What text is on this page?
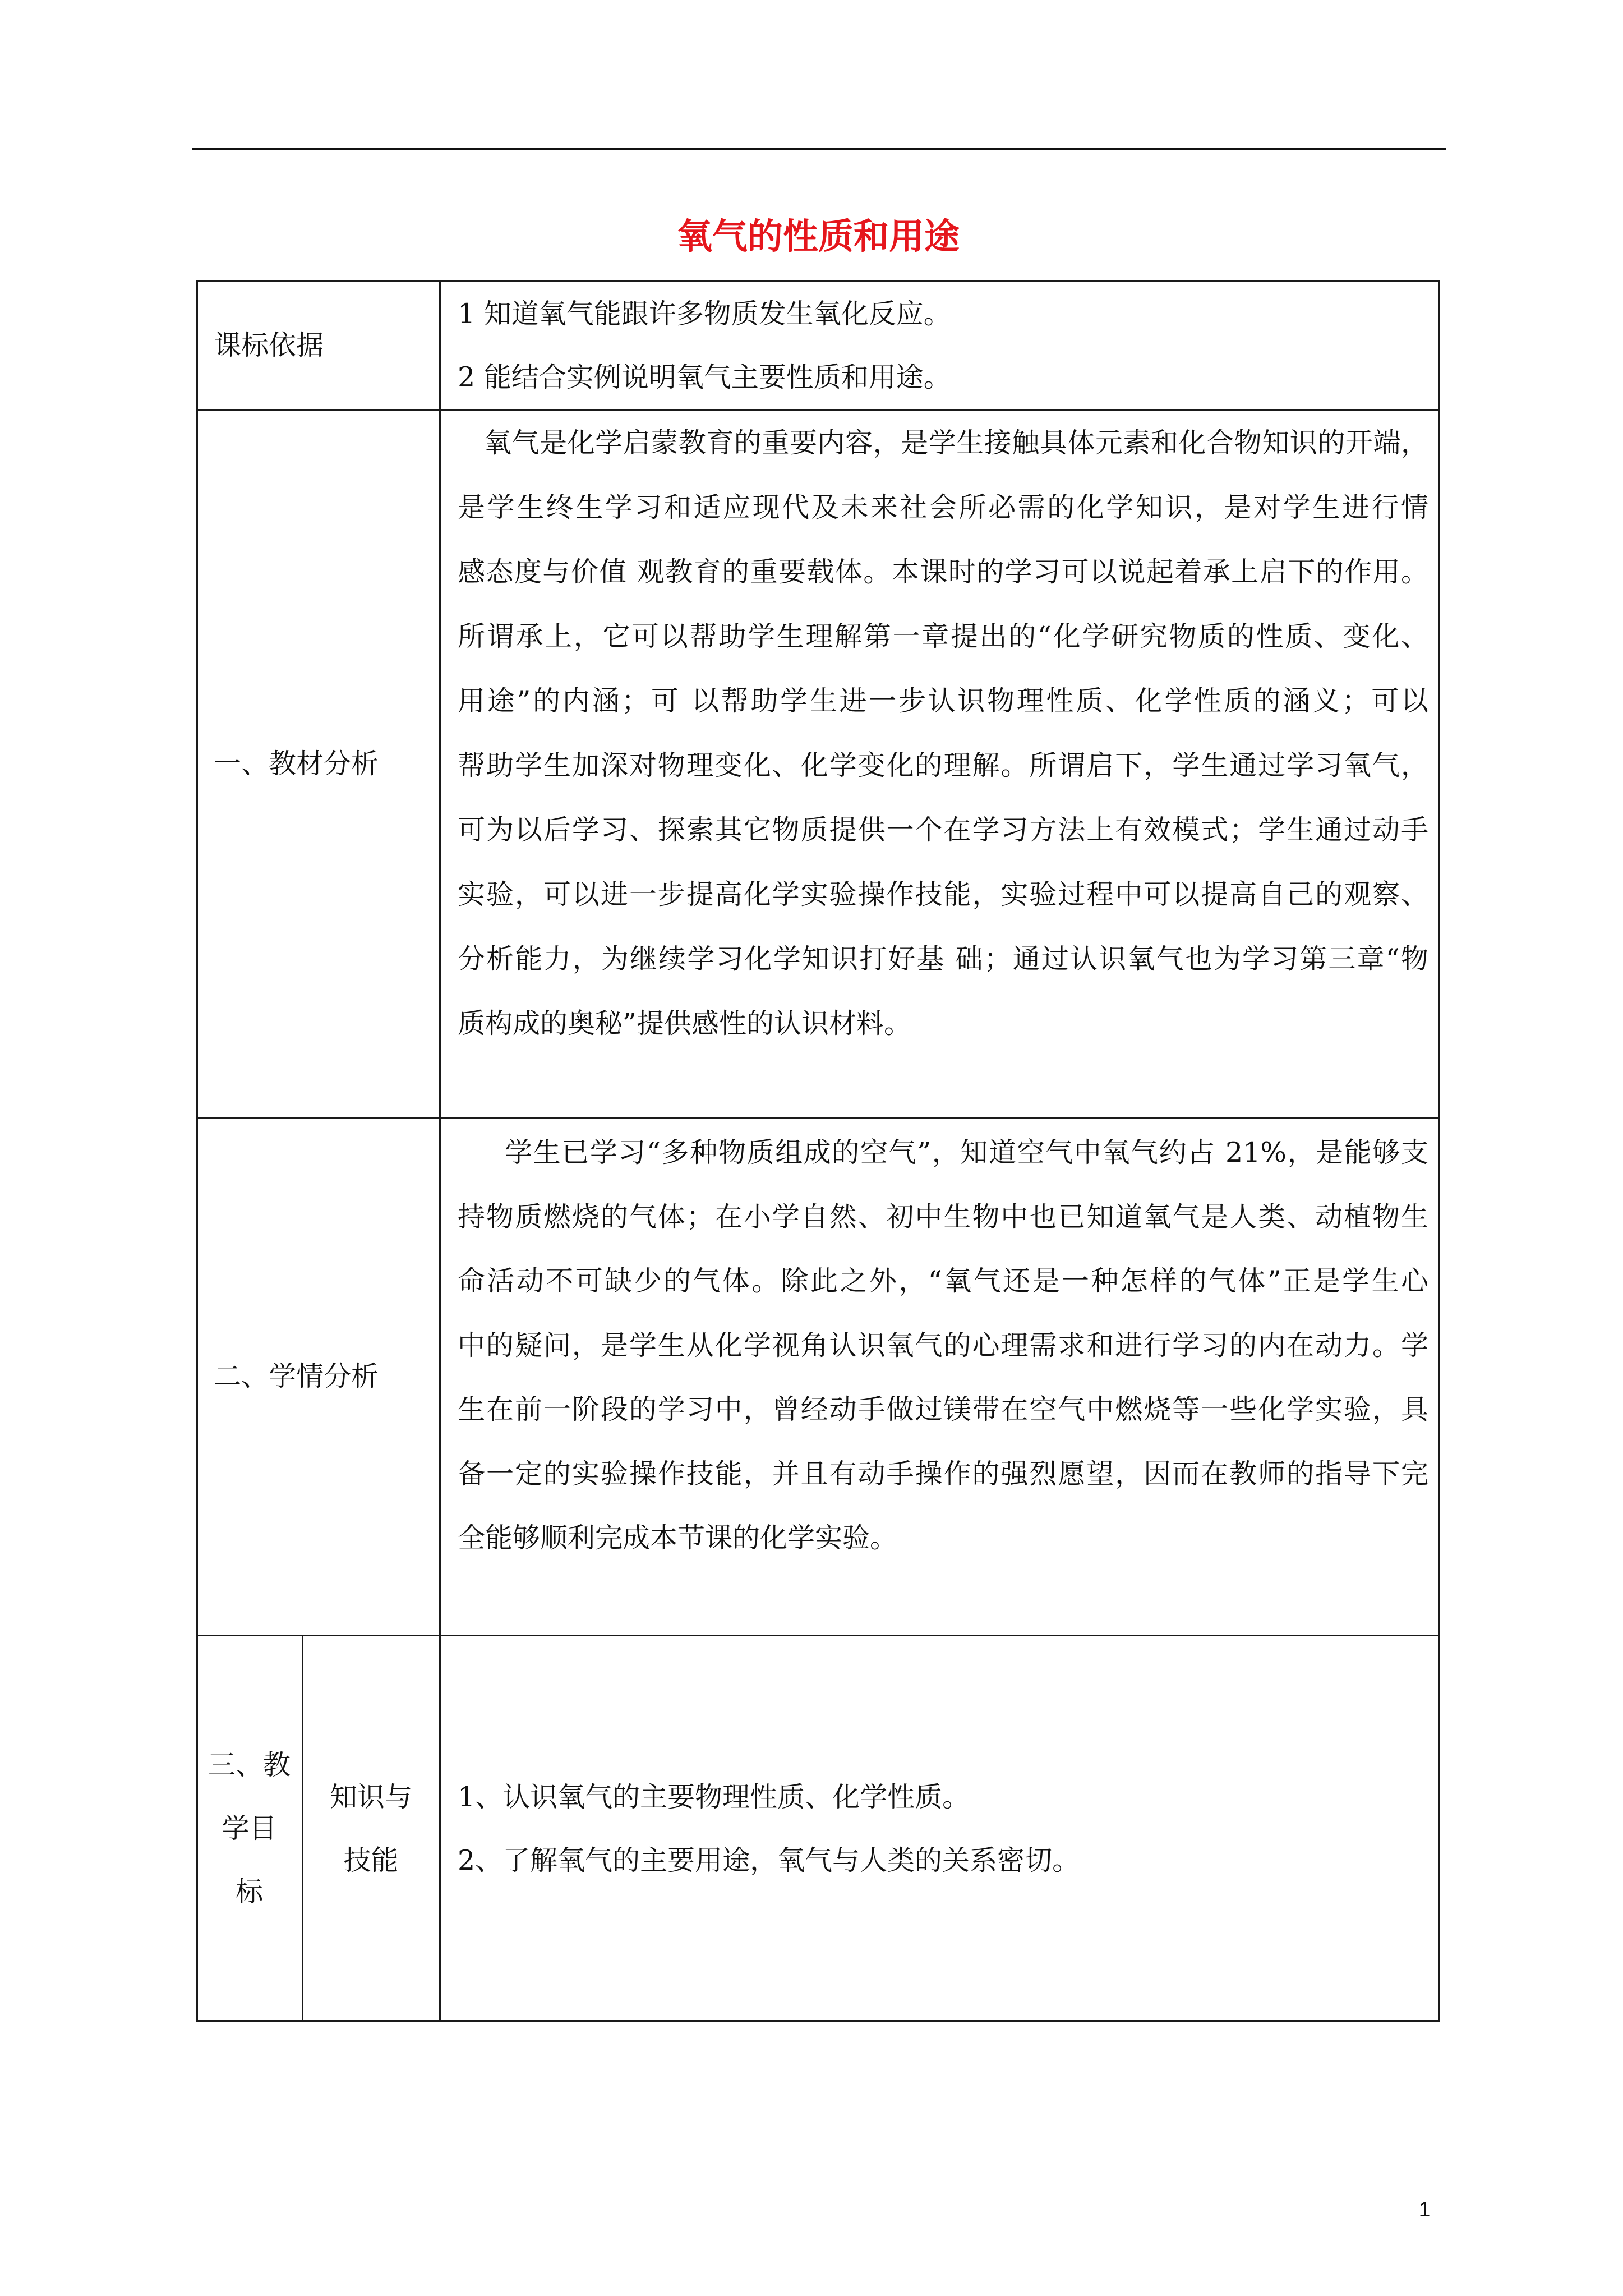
氧气的性质和用途
课标依据
1 知道氧气能跟许多物质发生氧化反应。
2 能结合实例说明氧气主要性质和用途。
一、教材分析
氧气是化学启蒙教育的重要内容，是学生接触具体元素和化合物知识的开端，
是学生终生学习和适应现代及未来社会所必需的化学知识，是对学生进行情
感态度与价值 观教育的重要载体。本课时的学习可以说起着承上启下的作用。
所谓承上，它可以帮助学生理解第一章提出的“化学研究物质的性质、变化、
用途”的内涵；可 以帮助学生进一步认识物理性质、化学性质的涵义；可以
帮助学生加深对物理变化、化学变化的理解。所谓启下，学生通过学习氧气，
可为以后学习、探索其它物质提供一个在学习方法上有效模式；学生通过动手
实验，可以进一步提高化学实验操作技能，实验过程中可以提高自己的观察、
分析能力，为继续学习化学知识打好基 础；通过认识氧气也为学习第三章“物
质构成的奥秘”提供感性的认识材料。
二、学情分析
学生已学习“多种物质组成的空气”，知道空气中氧气约占 21%，是能够支
持物质燃烧的气体；在小学自然、初中生物中也已知道氧气是人类、动植物生
命活动不可缺少的气体。除此之外，“氧气还是一种怎样的气体”正是学生心
中的疑问，是学生从化学视角认识氧气的心理需求和进行学习的内在动力。学
生在前一阶段的学习中，曾经动手做过镁带在空气中燃烧等一些化学实验，具
备一定的实验操作技能，并且有动手操作的强烈愿望，因而在教师的指导下完
全能够顺利完成本节课的化学实验。
三、教
学目
标
知识与
技能
1、认识氧气的主要物理性质、化学性质。
2、了解氧气的主要用途，氧气与人类的关系密切。
1
